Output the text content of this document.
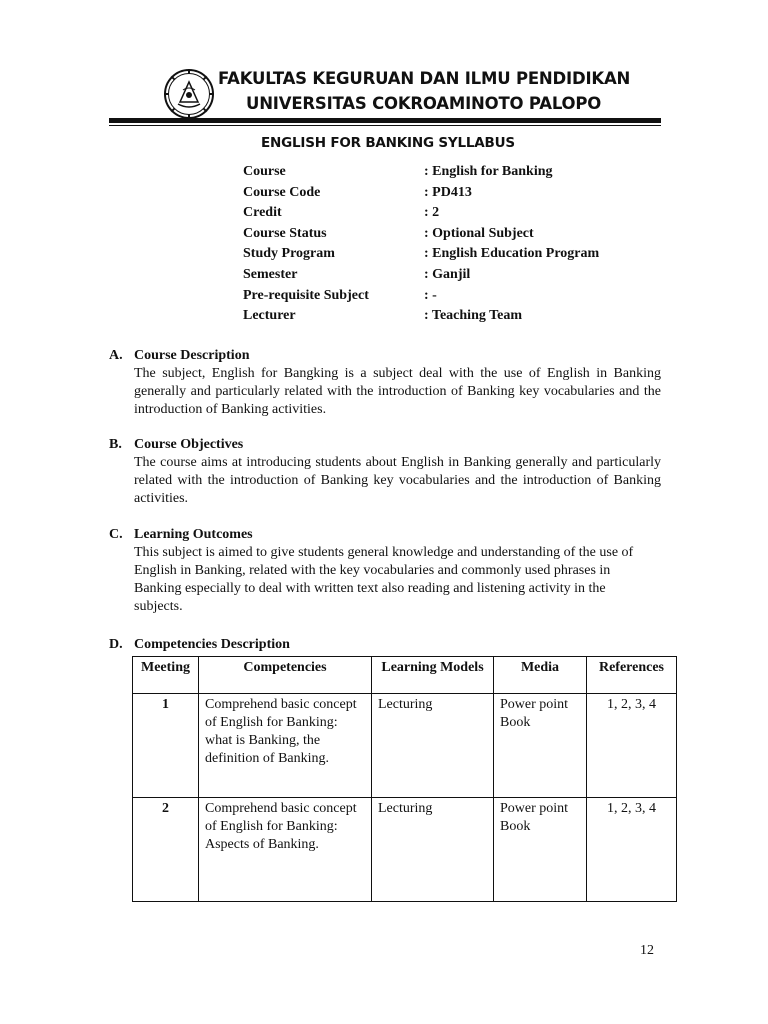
FAKULTAS KEGURUAN DAN ILMU PENDIDIKAN
UNIVERSITAS COKROAMINOTO PALOPO
ENGLISH FOR BANKING SYLLABUS
Course	: English for Banking
Course Code	: PD413
Credit	: 2
Course Status	: Optional Subject
Study Program	: English Education Program
Semester	: Ganjil
Pre-requisite Subject	: -
Lecturer	: Teaching Team
A. Course Description
The subject, English for Bangking is a subject deal with the use of English in Banking generally and particularly related with the introduction of Banking key vocabularies and the introduction of Banking activities.
B. Course Objectives
The course aims at introducing students about English in Banking generally and particularly related with the introduction of Banking key vocabularies and the introduction of Banking activities.
C. Learning Outcomes
This subject is aimed to give students general knowledge and understanding of the use of English in Banking, related with the key vocabularies and commonly used phrases in Banking especially to deal with written text also reading and listening activity in the subjects.
D. Competencies Description
Meeting	Competencies	Learning Models	Media	References
1	Comprehend basic concept of English for Banking: what is Banking, the definition of Banking.	Lecturing	Power point Book	1, 2, 3, 4
2	Comprehend basic concept of English for Banking: Aspects of Banking.	Lecturing	Power point Book	1, 2, 3, 4
12
